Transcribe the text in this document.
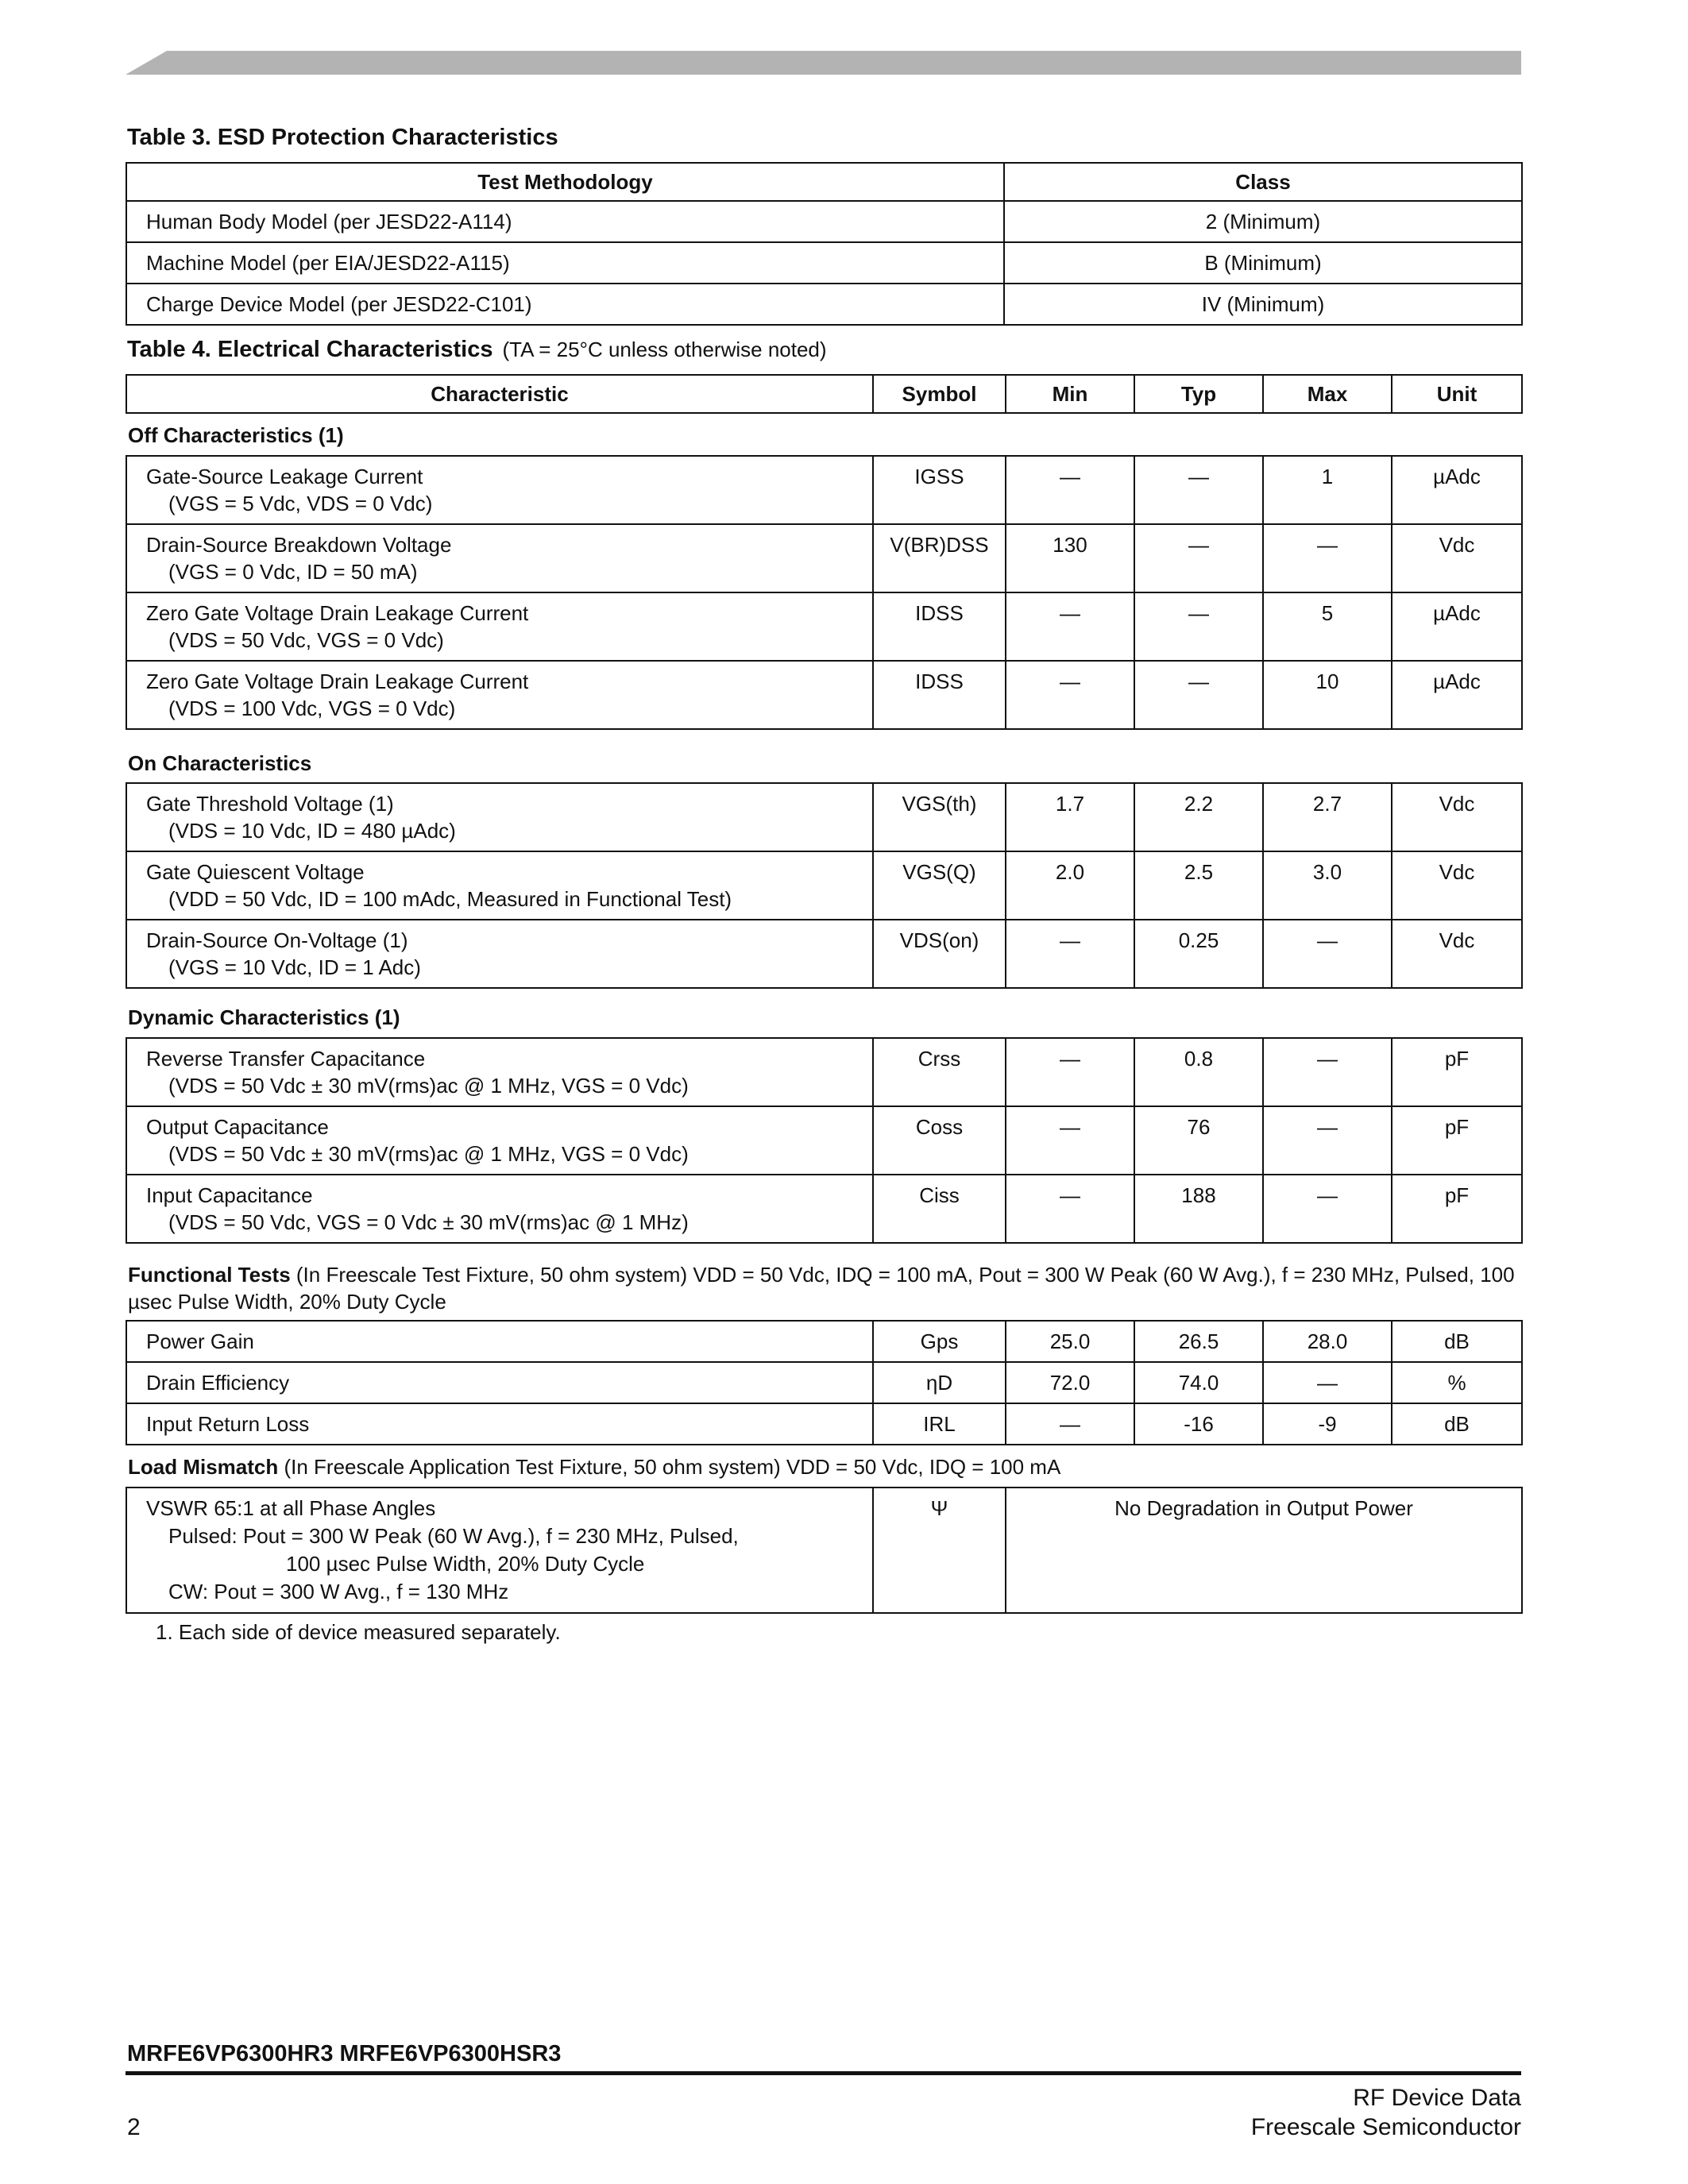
Table 3. ESD Protection Characteristics
Test Methodology	Class
Human Body Model (per JESD22-A114)	2 (Minimum)
Machine Model (per EIA/JESD22-A115)	B (Minimum)
Charge Device Model (per JESD22-C101)	IV (Minimum)
Table 4. Electrical Characteristics (TA = 25°C unless otherwise noted)
Characteristic	Symbol	Min	Typ	Max	Unit
Off Characteristics (1)
Gate-Source Leakage Current
(VGS = 5 Vdc, VDS = 0 Vdc)	IGSS	—	—	1	µAdc
Drain-Source Breakdown Voltage
(VGS = 0 Vdc, ID = 50 mA)	V(BR)DSS	130	—	—	Vdc
Zero Gate Voltage Drain Leakage Current
(VDS = 50 Vdc, VGS = 0 Vdc)	IDSS	—	—	5	µAdc
Zero Gate Voltage Drain Leakage Current
(VDS = 100 Vdc, VGS = 0 Vdc)	IDSS	—	—	10	µAdc
On Characteristics
Gate Threshold Voltage (1)
(VDS = 10 Vdc, ID = 480 µAdc)	VGS(th)	1.7	2.2	2.7	Vdc
Gate Quiescent Voltage
(VDD = 50 Vdc, ID = 100 mAdc, Measured in Functional Test)	VGS(Q)	2.0	2.5	3.0	Vdc
Drain-Source On-Voltage (1)
(VGS = 10 Vdc, ID = 1 Adc)	VDS(on)	—	0.25	—	Vdc
Dynamic Characteristics (1)
Reverse Transfer Capacitance
(VDS = 50 Vdc ± 30 mV(rms)ac @ 1 MHz, VGS = 0 Vdc)	Crss	—	0.8	—	pF
Output Capacitance
(VDS = 50 Vdc ± 30 mV(rms)ac @ 1 MHz, VGS = 0 Vdc)	Coss	—	76	—	pF
Input Capacitance
(VDS = 50 Vdc, VGS = 0 Vdc ± 30 mV(rms)ac @ 1 MHz)	Ciss	—	188	—	pF
Functional Tests (In Freescale Test Fixture, 50 ohm system) VDD = 50 Vdc, IDQ = 100 mA, Pout = 300 W Peak (60 W Avg.), f = 230 MHz, Pulsed, 100 µsec Pulse Width, 20% Duty Cycle
Power Gain	Gps	25.0	26.5	28.0	dB
Drain Efficiency	ηD	72.0	74.0	—	%
Input Return Loss	IRL	—	-16	-9	dB
Load Mismatch (In Freescale Application Test Fixture, 50 ohm system) VDD = 50 Vdc, IDQ = 100 mA
VSWR 65:1 at all Phase Angles
Pulsed: Pout = 300 W Peak (60 W Avg.), f = 230 MHz, Pulsed,
100 µsec Pulse Width, 20% Duty Cycle
CW: Pout = 300 W Avg., f = 130 MHz
	Ψ	No Degradation in Output Power
1. Each side of device measured separately.
MRFE6VP6300HR3 MRFE6VP6300HSR3
RF Device Data
Freescale Semiconductor
2
